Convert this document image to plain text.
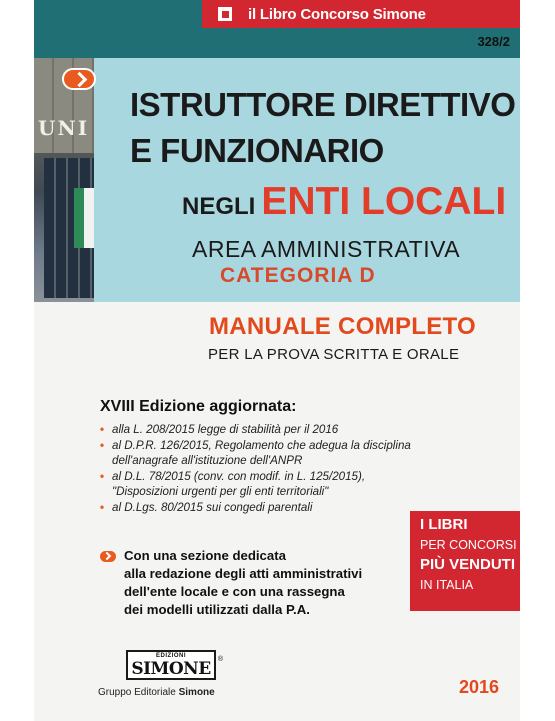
il Libro Concorso Simone
328/2
UNI
ISTRUTTORE DIRETTIVO
E FUNZIONARIO
NEGLI ENTI LOCALI
AREA AMMINISTRATIVA
CATEGORIA D
MANUALE COMPLETO
PER LA PROVA SCRITTA E ORALE
XVIII Edizione aggiornata:
• alla L. 208/2015 legge di stabilità per il 2016
• al D.P.R. 126/2015, Regolamento che adegua la disciplina dell'anagrafe all'istituzione dell'ANPR
• al D.L. 78/2015 (conv. con modif. in L. 125/2015), "Disposizioni urgenti per gli enti territoriali"
• al D.Lgs. 80/2015 sui congedi parentali
Con una sezione dedicata
alla redazione degli atti amministrativi
dell'ente locale e con una rassegna
dei modelli utilizzati dalla P.A.
I LIBRI
PER CONCORSI
PIÙ VENDUTI
IN ITALIA
EDIZIONI
SIMONE ®
Gruppo Editoriale Simone	2016
